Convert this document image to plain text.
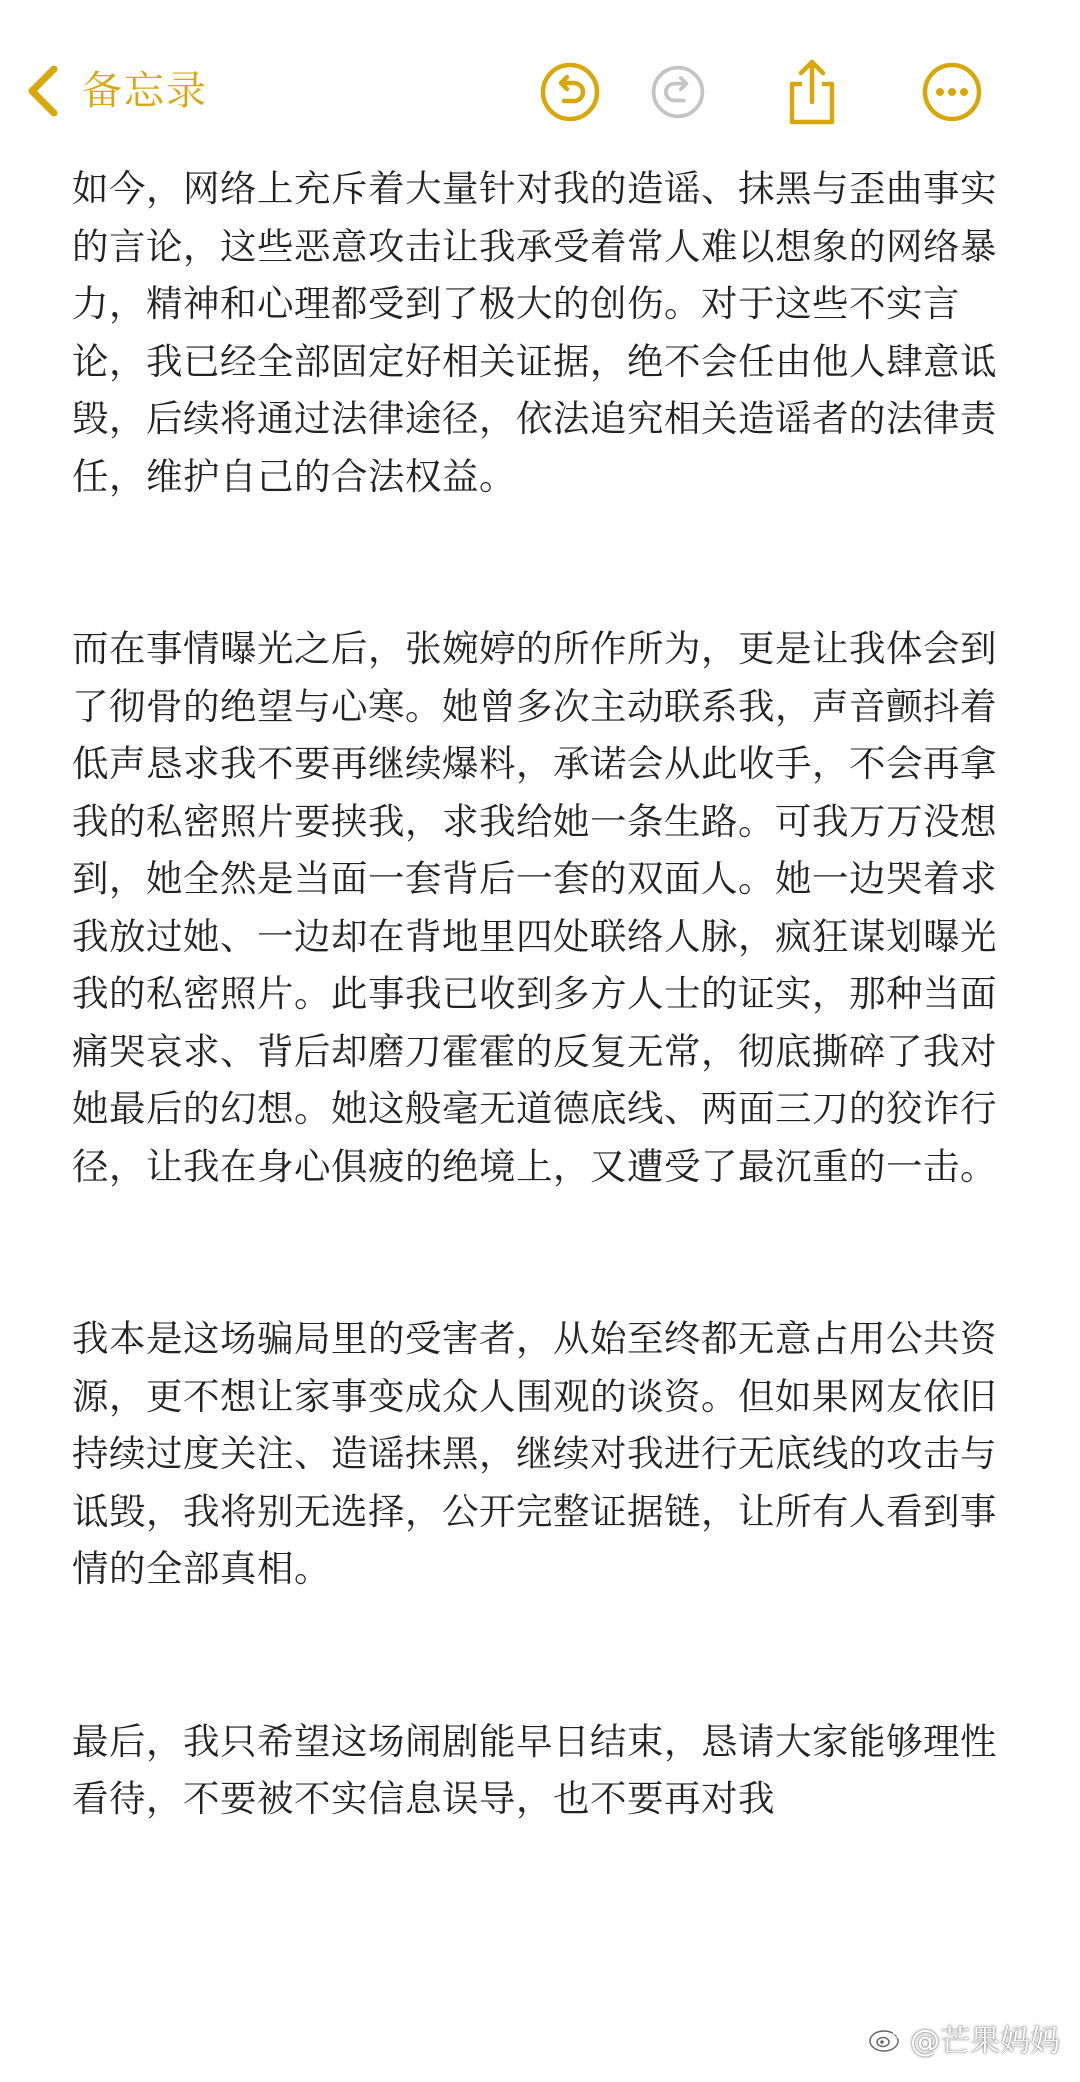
备忘录

如今，网络上充斥着大量针对我的造谣、抹黑与歪曲事实的言论，这些恶意攻击让我承受着常人难以想象的网络暴力，精神和心理都受到了极大的创伤。对于这些不实言论，我已经全部固定好相关证据，绝不会任由他人肆意诋毁，后续将通过法律途径，依法追究相关造谣者的法律责任，维护自己的合法权益。

而在事情曝光之后，张婉婷的所作所为，更是让我体会到了彻骨的绝望与心寒。她曾多次主动联系我，声音颤抖着低声恳求我不要再继续爆料，承诺会从此收手，不会再拿我的私密照片要挟我，求我给她一条生路。可我万万没想到，她全然是当面一套背后一套的双面人。她一边哭着求我放过她、一边却在背地里四处联络人脉，疯狂谋划曝光我的私密照片。此事我已收到多方人士的证实，那种当面痛哭哀求、背后却磨刀霍霍的反复无常，彻底撕碎了我对她最后的幻想。她这般毫无道德底线、两面三刀的狡诈行径，让我在身心俱疲的绝境上，又遭受了最沉重的一击。

我本是这场骗局里的受害者，从始至终都无意占用公共资源，更不想让家事变成众人围观的谈资。但如果网友依旧持续过度关注、造谣抹黑，继续对我进行无底线的攻击与诋毁，我将别无选择，公开完整证据链，让所有人看到事情的全部真相。

最后，我只希望这场闹剧能早日结束，恳请大家能够理性看待，不要被不实信息误导，也不要再对我

@芒果妈妈
